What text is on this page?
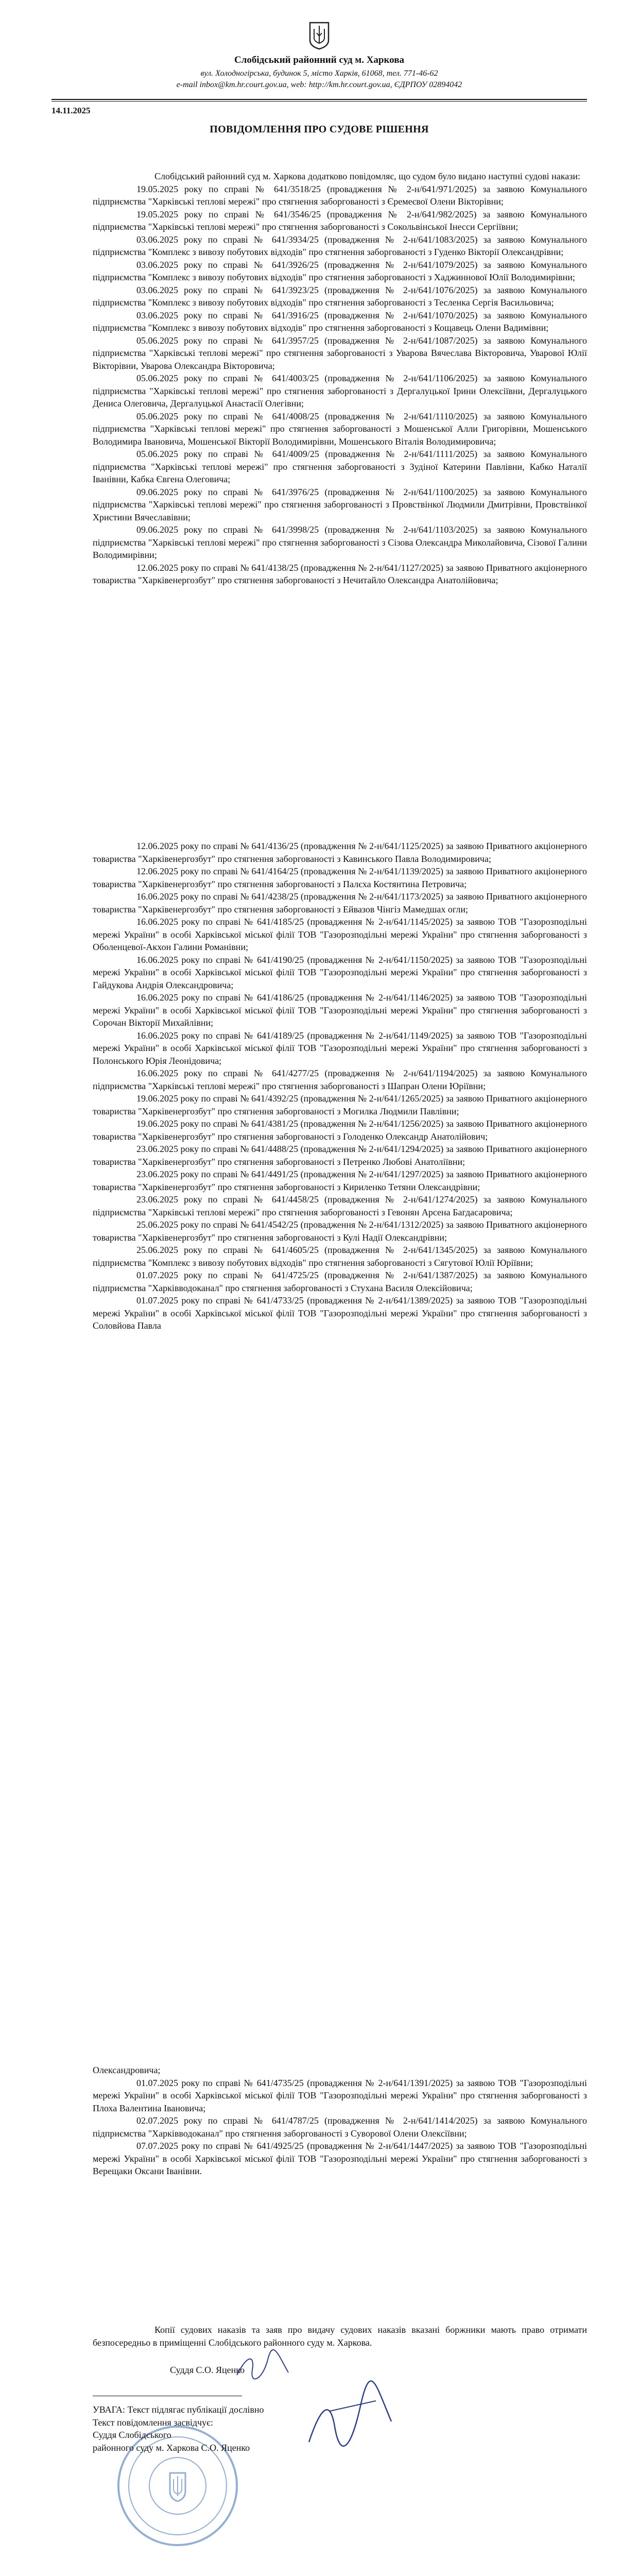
Слобідський районний суд м. Харкова
вул. Холодногірська, будинок 5, місто Харків, 61068, тел. 771-46-62
e-mail inbox@km.hr.court.gov.ua, web: http://km.hr.court.gov.ua, ЄДРПОУ 02894042
14.11.2025
ПОВІДОМЛЕННЯ ПРО СУДОВЕ РІШЕННЯ

Слобідський районний суд м. Харкова додатково повідомляє, що судом було видано наступні судові накази:

19.05.2025 року по справі № 641/3518/25 (провадження № 2-н/641/971/2025) за заявою Комунального підприємства "Харківські теплові мережі" про стягнення заборгованості з Єремеєвої Олени Вікторівни;

19.05.2025 року по справі № 641/3546/25 (провадження № 2-н/641/982/2025) за заявою Комунального підприємства "Харківські теплові мережі" про стягнення заборгованості з Сокольвінської Інесси Сергіївни;

03.06.2025 року по справі № 641/3934/25 (провадження № 2-н/641/1083/2025) за заявою Комунального підприємства "Комплекс з вивозу побутових відходів" про стягнення заборгованості з Гуденко Вікторії Олександрівни;

03.06.2025 року по справі № 641/3926/25 (провадження № 2-н/641/1079/2025) за заявою Комунального підприємства "Комплекс з вивозу побутових відходів" про стягнення заборгованості з Хаджиннової Юлії Володимирівни;

03.06.2025 року по справі № 641/3923/25 (провадження № 2-н/641/1076/2025) за заявою Комунального підприємства "Комплекс з вивозу побутових відходів" про стягнення заборгованості з Тесленка Сергія Васильовича;

03.06.2025 року по справі № 641/3916/25 (провадження № 2-н/641/1070/2025) за заявою Комунального підприємства "Комплекс з вивозу побутових відходів" про стягнення заборгованості з Кощавець Олени Вадимівни;

05.06.2025 року по справі № 641/3957/25 (провадження № 2-н/641/1087/2025) за заявою Комунального підприємства "Харківські теплові мережі" про стягнення заборгованості з Уварова Вячеслава Вікторовича, Уварової Юлії Вікторівни, Уварова Олександра Вікторовича;

05.06.2025 року по справі № 641/4003/25 (провадження № 2-н/641/1106/2025) за заявою Комунального підприємства "Харківські теплові мережі" про стягнення заборгованості з Дергалуцької Ірини Олексіївни, Дергалуцького Дениса Олеговича, Дергалуцької Анастасії Олегівни;

05.06.2025 року по справі № 641/4008/25 (провадження № 2-н/641/1110/2025) за заявою Комунального підприємства "Харківські теплові мережі" про стягнення заборгованості з Мошенської Алли Григорівни, Мошенського Володимира Івановича, Мошенської Вікторії Володимирівни, Мошенського Віталія Володимировича;

05.06.2025 року по справі № 641/4009/25 (провадження № 2-н/641/1111/2025) за заявою Комунального підприємства "Харківські теплові мережі" про стягнення заборгованості з Зудіної Катерини Павлівни, Кабко Наталії Іванівни, Кабка Євгена Олеговича;

09.06.2025 року по справі № 641/3976/25 (провадження № 2-н/641/1100/2025) за заявою Комунального підприємства "Харківські теплові мережі" про стягнення заборгованості з Провствінкої Людмили Дмитрівни, Провствінкої Христини Вячеславівни;

09.06.2025 року по справі № 641/3998/25 (провадження № 2-н/641/1103/2025) за заявою Комунального підприємства "Харківські теплові мережі" про стягнення заборгованості з Сізова Олександра Миколайовича, Сізової Галини Володимирівни;

12.06.2025 року по справі № 641/4138/25 (провадження № 2-н/641/1127/2025) за заявою Приватного акціонерного товариства "Харківенергозбут" про стягнення заборгованості з Нечитайло Олександра Анатолійовича;

12.06.2025 року по справі № 641/4136/25 (провадження № 2-н/641/1125/2025) за заявою Приватного акціонерного товариства "Харківенергозбут" про стягнення заборгованості з Кавинського Павла Володимировича;

12.06.2025 року по справі № 641/4164/25 (провадження № 2-н/641/1139/2025) за заявою Приватного акціонерного товариства "Харківенергозбут" про стягнення заборгованості з Палєха Костянтина Петровича;

16.06.2025 року по справі № 641/4238/25 (провадження № 2-н/641/1173/2025) за заявою Приватного акціонерного товариства "Харківенергозбут" про стягнення заборгованості з Ейвазов Чінгіз Мамедшах огли;

16.06.2025 року по справі № 641/4185/25 (провадження № 2-н/641/1145/2025) за заявою ТОВ "Газорозподільні мережі України" в особі Харківської міської філії ТОВ "Газорозподільні мережі України" про стягнення заборгованості з Оболенцевої-Акхон Галини Романівни;

16.06.2025 року по справі № 641/4190/25 (провадження № 2-н/641/1150/2025) за заявою ТОВ "Газорозподільні мережі України" в особі Харківської міської філії ТОВ "Газорозподільні мережі України" про стягнення заборгованості з Гайдукова Андрія Олександровича;

16.06.2025 року по справі № 641/4186/25 (провадження № 2-н/641/1146/2025) за заявою ТОВ "Газорозподільні мережі України" в особі Харківської міської філії ТОВ "Газорозподільні мережі України" про стягнення заборгованості з Сорочан Вікторії Михайлівни;

16.06.2025 року по справі № 641/4189/25 (провадження № 2-н/641/1149/2025) за заявою ТОВ "Газорозподільні мережі України" в особі Харківської міської філії ТОВ "Газорозподільні мережі України" про стягнення заборгованості з Полонського Юрія Леонідовича;

16.06.2025 року по справі № 641/4277/25 (провадження № 2-н/641/1194/2025) за заявою Комунального підприємства "Харківські теплові мережі" про стягнення заборгованості з Шапран Олени Юріївни;

19.06.2025 року по справі № 641/4392/25 (провадження № 2-н/641/1265/2025) за заявою Приватного акціонерного товариства "Харківенергозбут" про стягнення заборгованості з Могилка Людмили Павлівни;

19.06.2025 року по справі № 641/4381/25 (провадження № 2-н/641/1256/2025) за заявою Приватного акціонерного товариства "Харківенергозбут" про стягнення заборгованості з Голоденко Олександр Анатолійович;

23.06.2025 року по справі № 641/4488/25 (провадження № 2-н/641/1294/2025) за заявою Приватного акціонерного товариства "Харківенергозбут" про стягнення заборгованості з Петренко Любові Анатоліївни;

23.06.2025 року по справі № 641/4491/25 (провадження № 2-н/641/1297/2025) за заявою Приватного акціонерного товариства "Харківенергозбут" про стягнення заборгованості з Кириленко Тетяни Олександрівни;

23.06.2025 року по справі № 641/4458/25 (провадження № 2-н/641/1274/2025) за заявою Комунального підприємства "Харківські теплові мережі" про стягнення заборгованості з Гевонян Арсена Багдасаровича;

25.06.2025 року по справі № 641/4542/25 (провадження № 2-н/641/1312/2025) за заявою Приватного акціонерного товариства "Харківенергозбут" про стягнення заборгованості з Кулі Надії Олександрівни;

25.06.2025 року по справі № 641/4605/25 (провадження № 2-н/641/1345/2025) за заявою Комунального підприємства "Комплекс з вивозу побутових відходів" про стягнення заборгованості з Сягутової Юлії Юріївни;

01.07.2025 року по справі № 641/4725/25 (провадження № 2-н/641/1387/2025) за заявою Комунального підприємства "Харківводоканал" про стягнення заборгованості з Стухана Василя Олексійовича;

01.07.2025 року по справі № 641/4733/25 (провадження № 2-н/641/1389/2025) за заявою ТОВ "Газорозподільні мережі України" в особі Харківської міської філії ТОВ "Газорозподільні мережі України" про стягнення заборгованості з Соловйова Павла

Олександровича;

01.07.2025 року по справі № 641/4735/25 (провадження № 2-н/641/1391/2025) за заявою ТОВ "Газорозподільні мережі України" в особі Харківської міської філії ТОВ "Газорозподільні мережі України" про стягнення заборгованості з Плоха Валентина Івановича;

02.07.2025 року по справі № 641/4787/25 (провадження № 2-н/641/1414/2025) за заявою Комунального підприємства "Харківводоканал" про стягнення заборгованості з Суворової Олени Олексіївни;

07.07.2025 року по справі № 641/4925/25 (провадження № 2-н/641/1447/2025) за заявою ТОВ "Газорозподільні мережі України" в особі Харківської міської філії ТОВ "Газорозподільні мережі України" про стягнення заборгованості з Верещаки Оксани Іванівни.

Копії судових наказів та заяв про видачу судових наказів вказані боржники мають право отримати безпосередньо в приміщенні Слобідського районного суду м. Харкова.

Суддя С.О. Яценко

УВАГА: Текст підлягає публікації дослівно

Текст повідомлення засвідчує:

Суддя Слобідського

районного суду м. Харкова С.О. Яценко
